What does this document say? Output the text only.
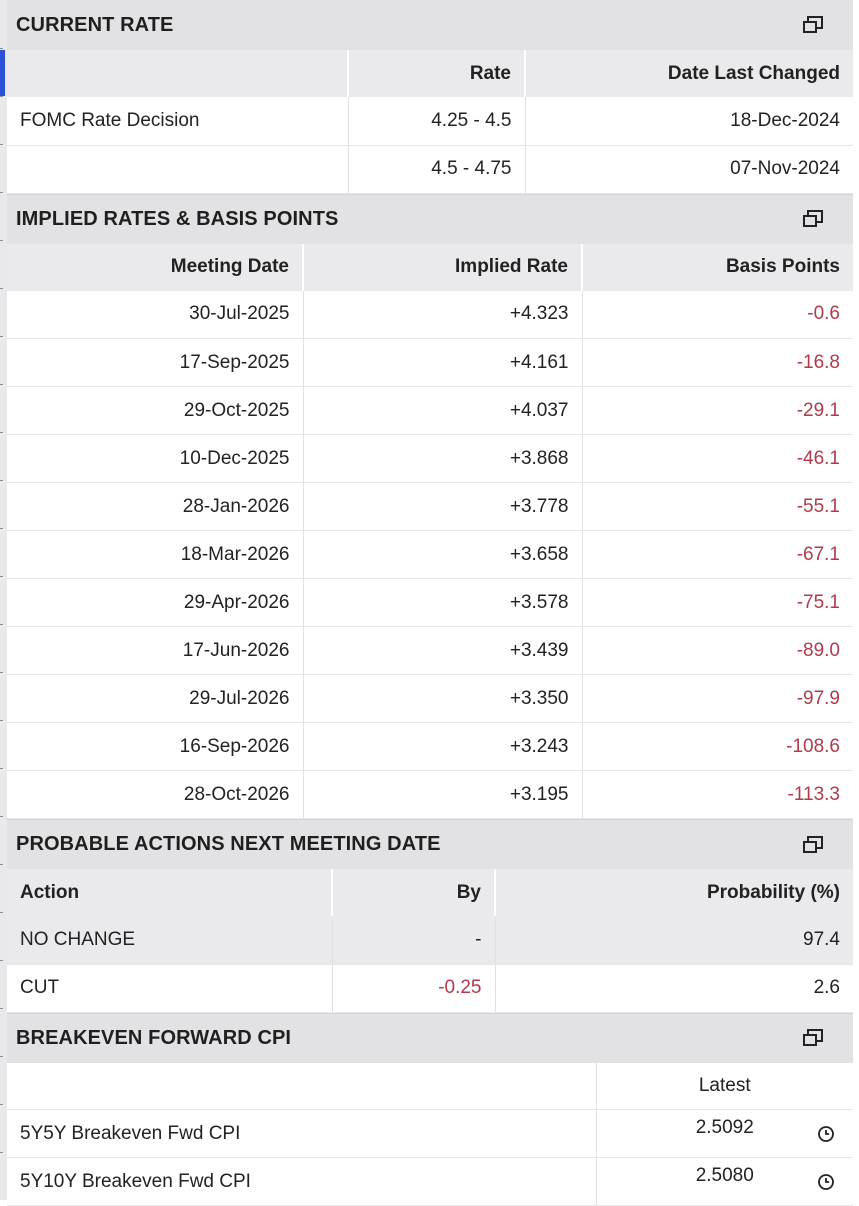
CURRENT RATE
	Rate	Date Last Changed
FOMC Rate Decision	4.25 - 4.5	18-Dec-2024
	4.5 - 4.75	07-Nov-2024
IMPLIED RATES & BASIS POINTS
Meeting Date	Implied Rate	Basis Points
30-Jul-2025	+4.323	-0.6
17-Sep-2025	+4.161	-16.8
29-Oct-2025	+4.037	-29.1
10-Dec-2025	+3.868	-46.1
28-Jan-2026	+3.778	-55.1
18-Mar-2026	+3.658	-67.1
29-Apr-2026	+3.578	-75.1
17-Jun-2026	+3.439	-89.0
29-Jul-2026	+3.350	-97.9
16-Sep-2026	+3.243	-108.6
28-Oct-2026	+3.195	-113.3
PROBABLE ACTIONS NEXT MEETING DATE
Action	By	Probability (%)
NO CHANGE	-	97.4
CUT	-0.25	2.6
BREAKEVEN FORWARD CPI
	Latest
5Y5Y Breakeven Fwd CPI	2.5092

5Y10Y Breakeven Fwd CPI	2.5080
